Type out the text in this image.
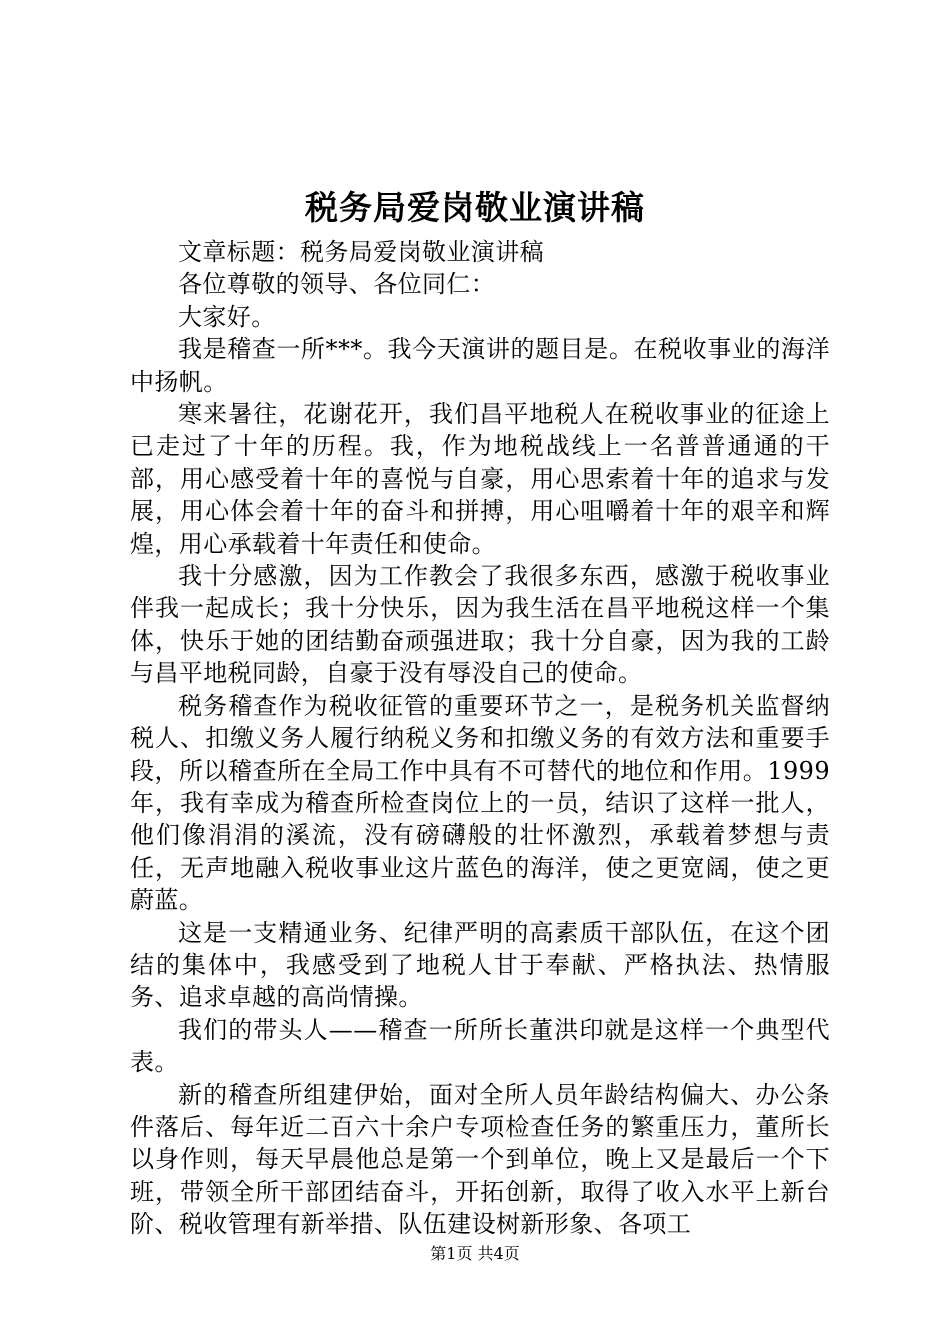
税务局爱岗敬业演讲稿

文章标题：税务局爱岗敬业演讲稿

各位尊敬的领导、各位同仁：

大家好。

我是稽查一所***。我今天演讲的题目是。在税收事业的海洋中扬帆。

寒来暑往，花谢花开，我们昌平地税人在税收事业的征途上已走过了十年的历程。我，作为地税战线上一名普普通通的干部，用心感受着十年的喜悦与自豪，用心思索着十年的追求与发展，用心体会着十年的奋斗和拼搏，用心咀嚼着十年的艰辛和辉煌，用心承载着十年责任和使命。

我十分感激，因为工作教会了我很多东西，感激于税收事业伴我一起成长；我十分快乐，因为我生活在昌平地税这样一个集体，快乐于她的团结勤奋顽强进取；我十分自豪，因为我的工龄与昌平地税同龄，自豪于没有辱没自己的使命。

税务稽查作为税收征管的重要环节之一，是税务机关监督纳税人、扣缴义务人履行纳税义务和扣缴义务的有效方法和重要手段，所以稽查所在全局工作中具有不可替代的地位和作用。1999年，我有幸成为稽查所检查岗位上的一员，结识了这样一批人，他们像涓涓的溪流，没有磅礴般的壮怀激烈，承载着梦想与责任，无声地融入税收事业这片蓝色的海洋，使之更宽阔，使之更蔚蓝。

这是一支精通业务、纪律严明的高素质干部队伍，在这个团结的集体中，我感受到了地税人甘于奉献、严格执法、热情服务、追求卓越的高尚情操。

我们的带头人——稽查一所所长董洪印就是这样一个典型代表。

新的稽查所组建伊始，面对全所人员年龄结构偏大、办公条件落后、每年近二百六十余户专项检查任务的繁重压力，董所长以身作则，每天早晨他总是第一个到单位，晚上又是最后一个下班，带领全所干部团结奋斗，开拓创新，取得了收入水平上新台阶、税收管理有新举措、队伍建设树新形象、各项工

第1页 共4页
